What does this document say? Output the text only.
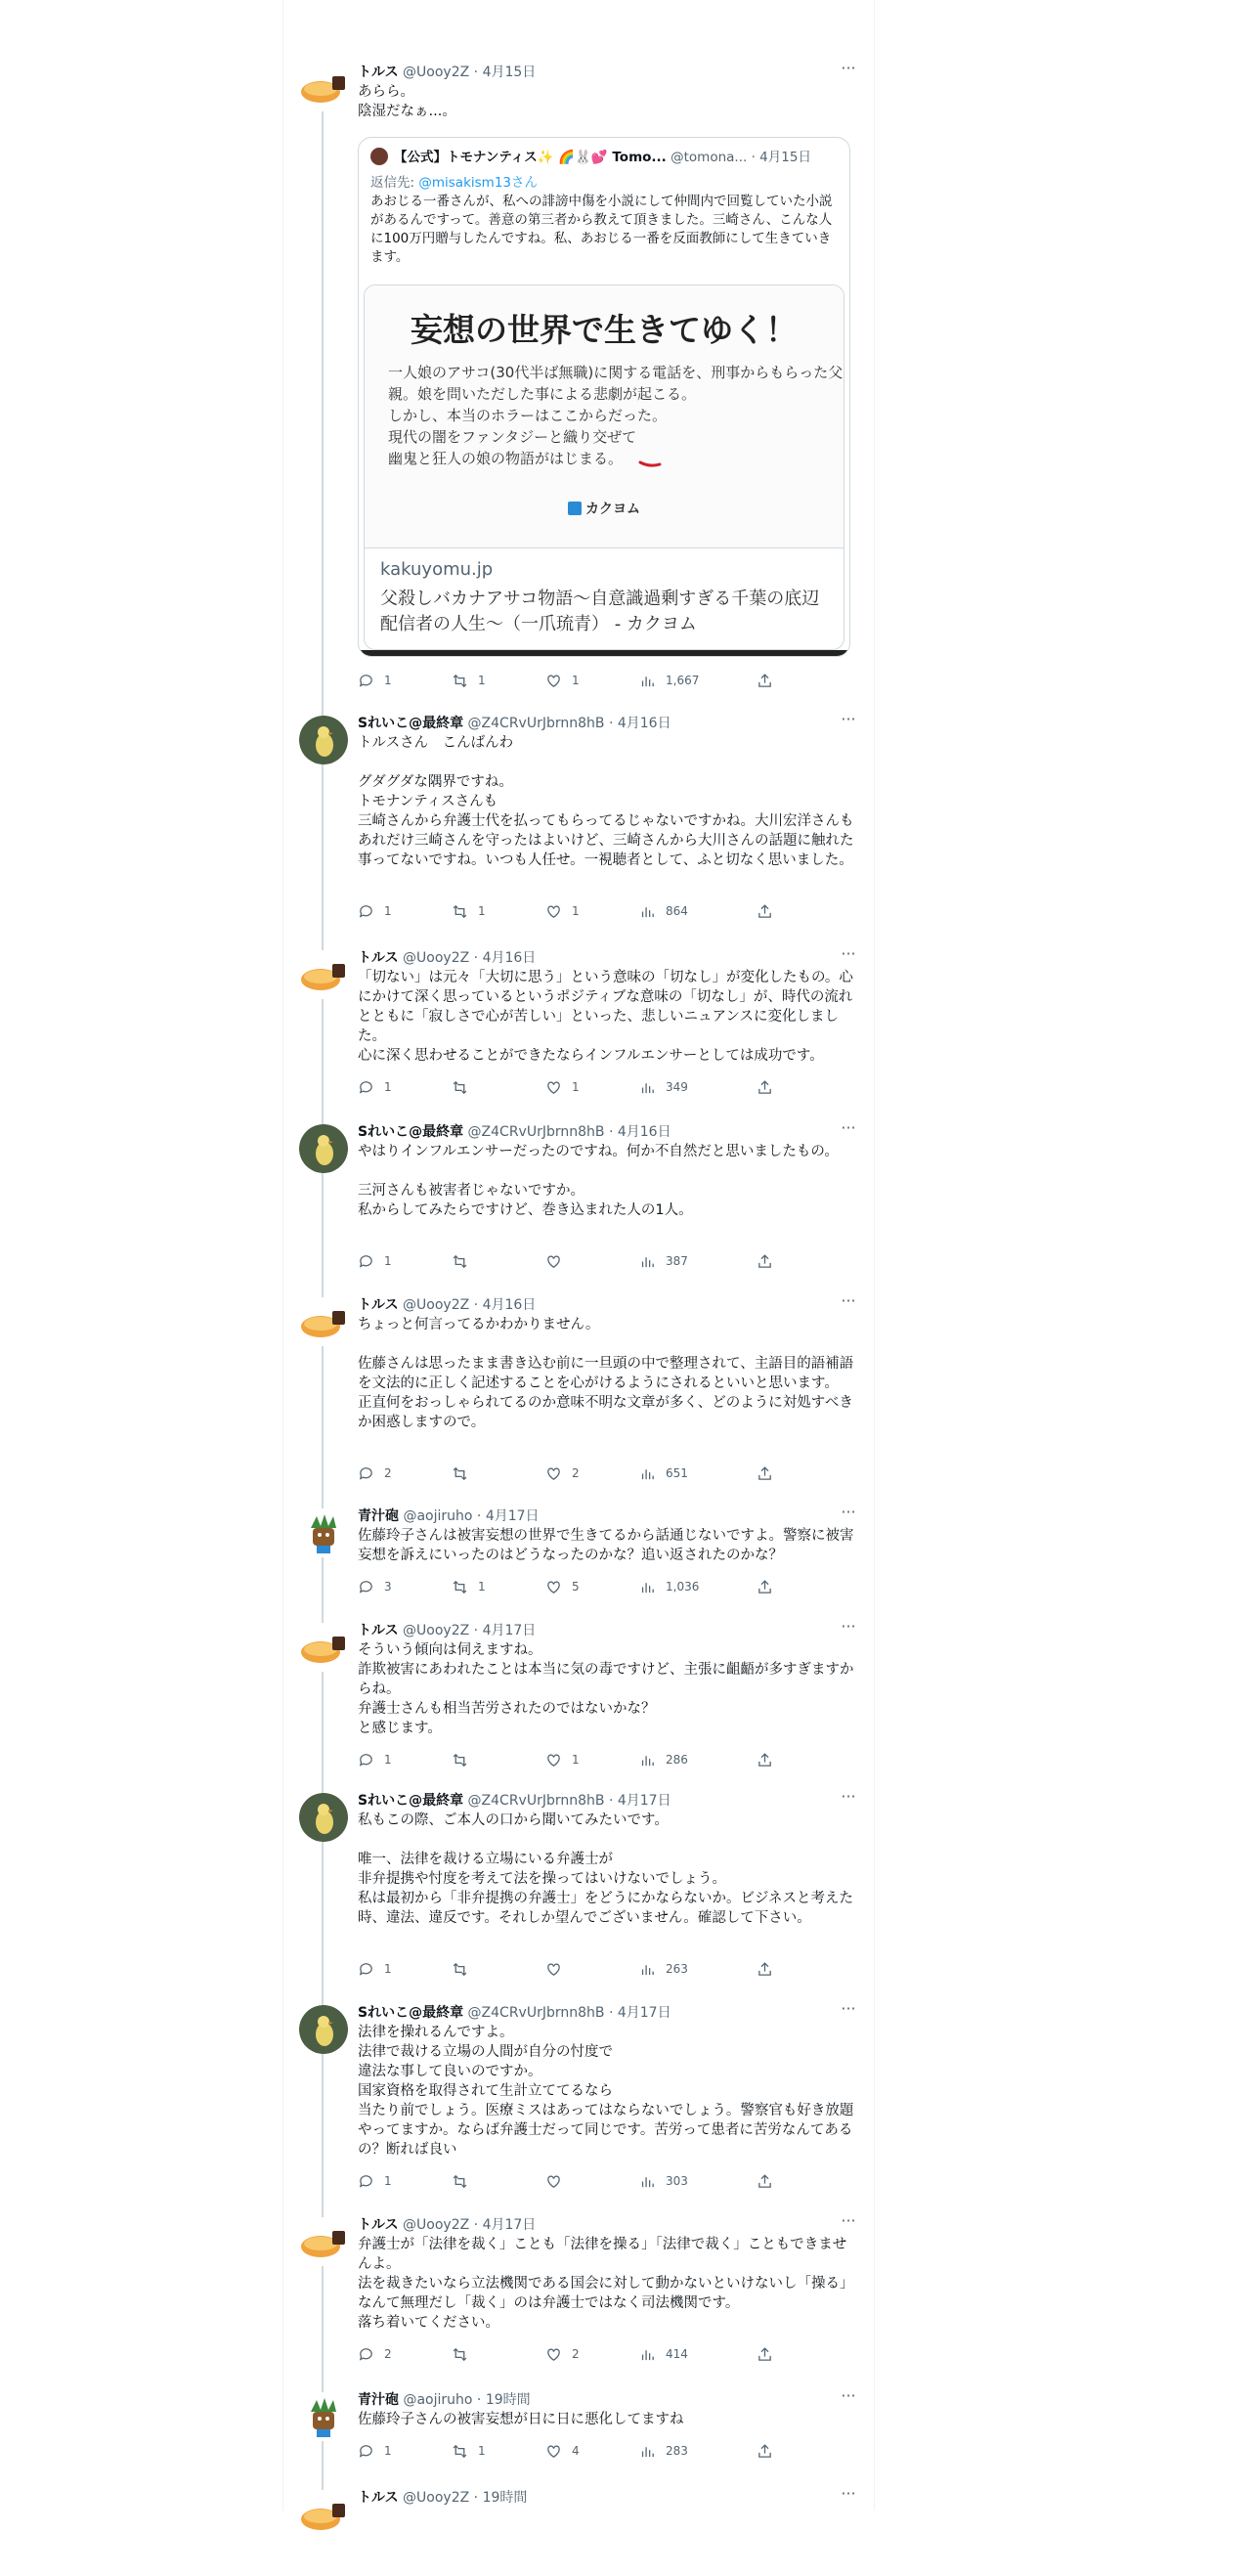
トルス @Uooy2Z · 4月15日	···
あらら。
陰湿だなぁ...。
【公式】トモナンティス✨ 🌈🐰💕 Tomo... @tomona... · 4月15日
返信先: @misakism13さん
あおじる一番さんが、私への誹謗中傷を小説にして仲間内で回覧していた小説があるんですって。善意の第三者から教えて頂きました。三崎さん、こんな人に100万円贈与したんですね。私、あおじる一番を反面教師にして生きていきます。
妄想の世界で生きてゆく！
一人娘のアサコ(30代半ば無職)に関する電話を、刑事からもらった父親。娘を問いただした事による悲劇が起こる。
しかし、本当のホラーはここからだった。
現代の闇をファンタジーと織り交ぜて
幽鬼と狂人の娘の物語がはじまる。
カクヨム
kakuyomu.jp
父殺しバカナアサコ物語～自意識過剰すぎる千葉の底辺配信者の人生～（一爪琉青） - カクヨム
1	1	1	1,667
Sれいこ@最終章 @Z4CRvUrJbrnn8hB · 4月16日	···
トルスさん　こんばんわ

グダグダな隅界ですね。
トモナンティスさんも
三崎さんから弁護士代を払ってもらってるじゃないですかね。大川宏洋さんもあれだけ三崎さんを守ったはよいけど、三崎さんから大川さんの話題に触れた事ってないですね。いつも人任せ。一視聴者として、ふと切なく思いました。
1	1	1	864
トルス @Uooy2Z · 4月16日	···
「切ない」は元々「大切に思う」という意味の「切なし」が変化したもの。心にかけて深く思っているというポジティブな意味の「切なし」が、時代の流れとともに「寂しさで心が苦しい」といった、悲しいニュアンスに変化しました。
心に深く思わせることができたならインフルエンサーとしては成功です。
1	1	349
Sれいこ@最終章 @Z4CRvUrJbrnn8hB · 4月16日	···
やはりインフルエンサーだったのですね。何か不自然だと思いましたもの。

三河さんも被害者じゃないですか。
私からしてみたらですけど、巻き込まれた人の1人。
1	387
トルス @Uooy2Z · 4月16日	···
ちょっと何言ってるかわかりません。

佐藤さんは思ったまま書き込む前に一旦頭の中で整理されて、主語目的語補語を文法的に正しく記述することを心がけるようにされるといいと思います。
正直何をおっしゃられてるのか意味不明な文章が多く、どのように対処すべきか困惑しますので。
2	2	651
青汁砲 @aojiruho · 4月17日	···
佐藤玲子さんは被害妄想の世界で生きてるから話通じないですよ。警察に被害妄想を訴えにいったのはどうなったのかな？追い返されたのかな？
3	1	5	1,036
トルス @Uooy2Z · 4月17日	···
そういう傾向は伺えますね。
詐欺被害にあわれたことは本当に気の毒ですけど、主張に齟齬が多すぎますからね。
弁護士さんも相当苦労されたのではないかな？
と感じます。
1	1	286
Sれいこ@最終章 @Z4CRvUrJbrnn8hB · 4月17日	···
私もこの際、ご本人の口から聞いてみたいです。

唯一、法律を裁ける立場にいる弁護士が
非弁提携や忖度を考えて法を操ってはいけないでしょう。
私は最初から「非弁提携の弁護士」をどうにかならないか。ビジネスと考えた時、違法、違反です。それしか望んでございません。確認して下さい。
1	263
Sれいこ@最終章 @Z4CRvUrJbrnn8hB · 4月17日	···
法律を操れるんですよ。
法律で裁ける立場の人間が自分の忖度で
違法な事して良いのですか。
国家資格を取得されて生計立ててるなら
当たり前でしょう。医療ミスはあってはならないでしょう。警察官も好き放題やってますか。ならば弁護士だって同じです。苦労って患者に苦労なんてあるの？断れば良い
1	303
トルス @Uooy2Z · 4月17日	···
弁護士が「法律を裁く」ことも「法律を操る」「法律で裁く」こともできませんよ。
法を裁きたいなら立法機関である国会に対して動かないといけないし「操る」なんて無理だし「裁く」のは弁護士ではなく司法機関です。
落ち着いてください。
2	2	414
青汁砲 @aojiruho · 19時間	···
佐藤玲子さんの被害妄想が日に日に悪化してますね
1	1	4	283
トルス @Uooy2Z · 19時間	···
